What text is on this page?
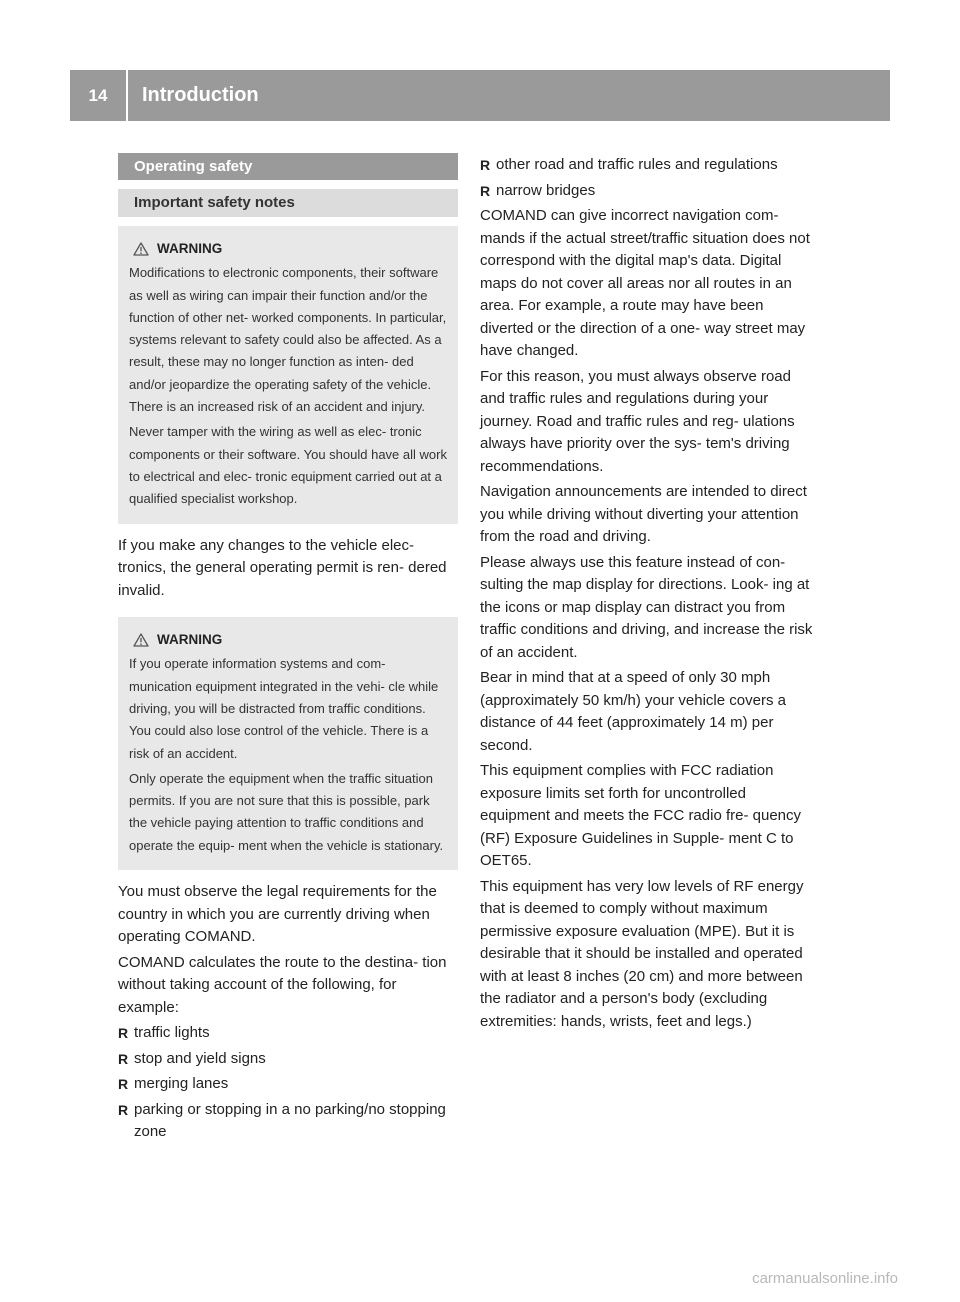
14	Introduction
Operating safety
Important safety notes
WARNING

Modifications to electronic components, their software as well as wiring can impair their function and/or the function of other net- worked components. In particular, systems relevant to safety could also be affected. As a result, these may no longer function as inten- ded and/or jeopardize the operating safety of the vehicle. There is an increased risk of an accident and injury.

Never tamper with the wiring as well as elec- tronic components or their software. You should have all work to electrical and elec- tronic equipment carried out at a qualified specialist workshop.

If you make any changes to the vehicle elec- tronics, the general operating permit is ren- dered invalid.

WARNING

If you operate information systems and com- munication equipment integrated in the vehi- cle while driving, you will be distracted from traffic conditions. You could also lose control of the vehicle. There is a risk of an accident.

Only operate the equipment when the traffic situation permits. If you are not sure that this is possible, park the vehicle paying attention to traffic conditions and operate the equip- ment when the vehicle is stationary.

You must observe the legal requirements for the country in which you are currently driving when operating COMAND.

COMAND calculates the route to the destina- tion without taking account of the following, for example:

R traffic lights
R stop and yield signs
R merging lanes
R parking or stopping in a no parking/no stopping zone
R other road and traffic rules and regulations
R narrow bridges

COMAND can give incorrect navigation com- mands if the actual street/traffic situation does not correspond with the digital map's data. Digital maps do not cover all areas nor all routes in an area. For example, a route may have been diverted or the direction of a one- way street may have changed.

For this reason, you must always observe road and traffic rules and regulations during your journey. Road and traffic rules and reg- ulations always have priority over the sys- tem's driving recommendations.

Navigation announcements are intended to direct you while driving without diverting your attention from the road and driving.

Please always use this feature instead of con- sulting the map display for directions. Look- ing at the icons or map display can distract you from traffic conditions and driving, and increase the risk of an accident.

Bear in mind that at a speed of only 30 mph (approximately 50 km/h) your vehicle covers a distance of 44 feet (approximately 14 m) per second.

This equipment complies with FCC radiation exposure limits set forth for uncontrolled equipment and meets the FCC radio fre- quency (RF) Exposure Guidelines in Supple- ment C to OET65.

This equipment has very low levels of RF energy that is deemed to comply without maximum permissive exposure evaluation (MPE). But it is desirable that it should be installed and operated with at least 8 inches (20 cm) and more between the radiator and a person's body (excluding extremities: hands, wrists, feet and legs.)

carmanualsonline.info
